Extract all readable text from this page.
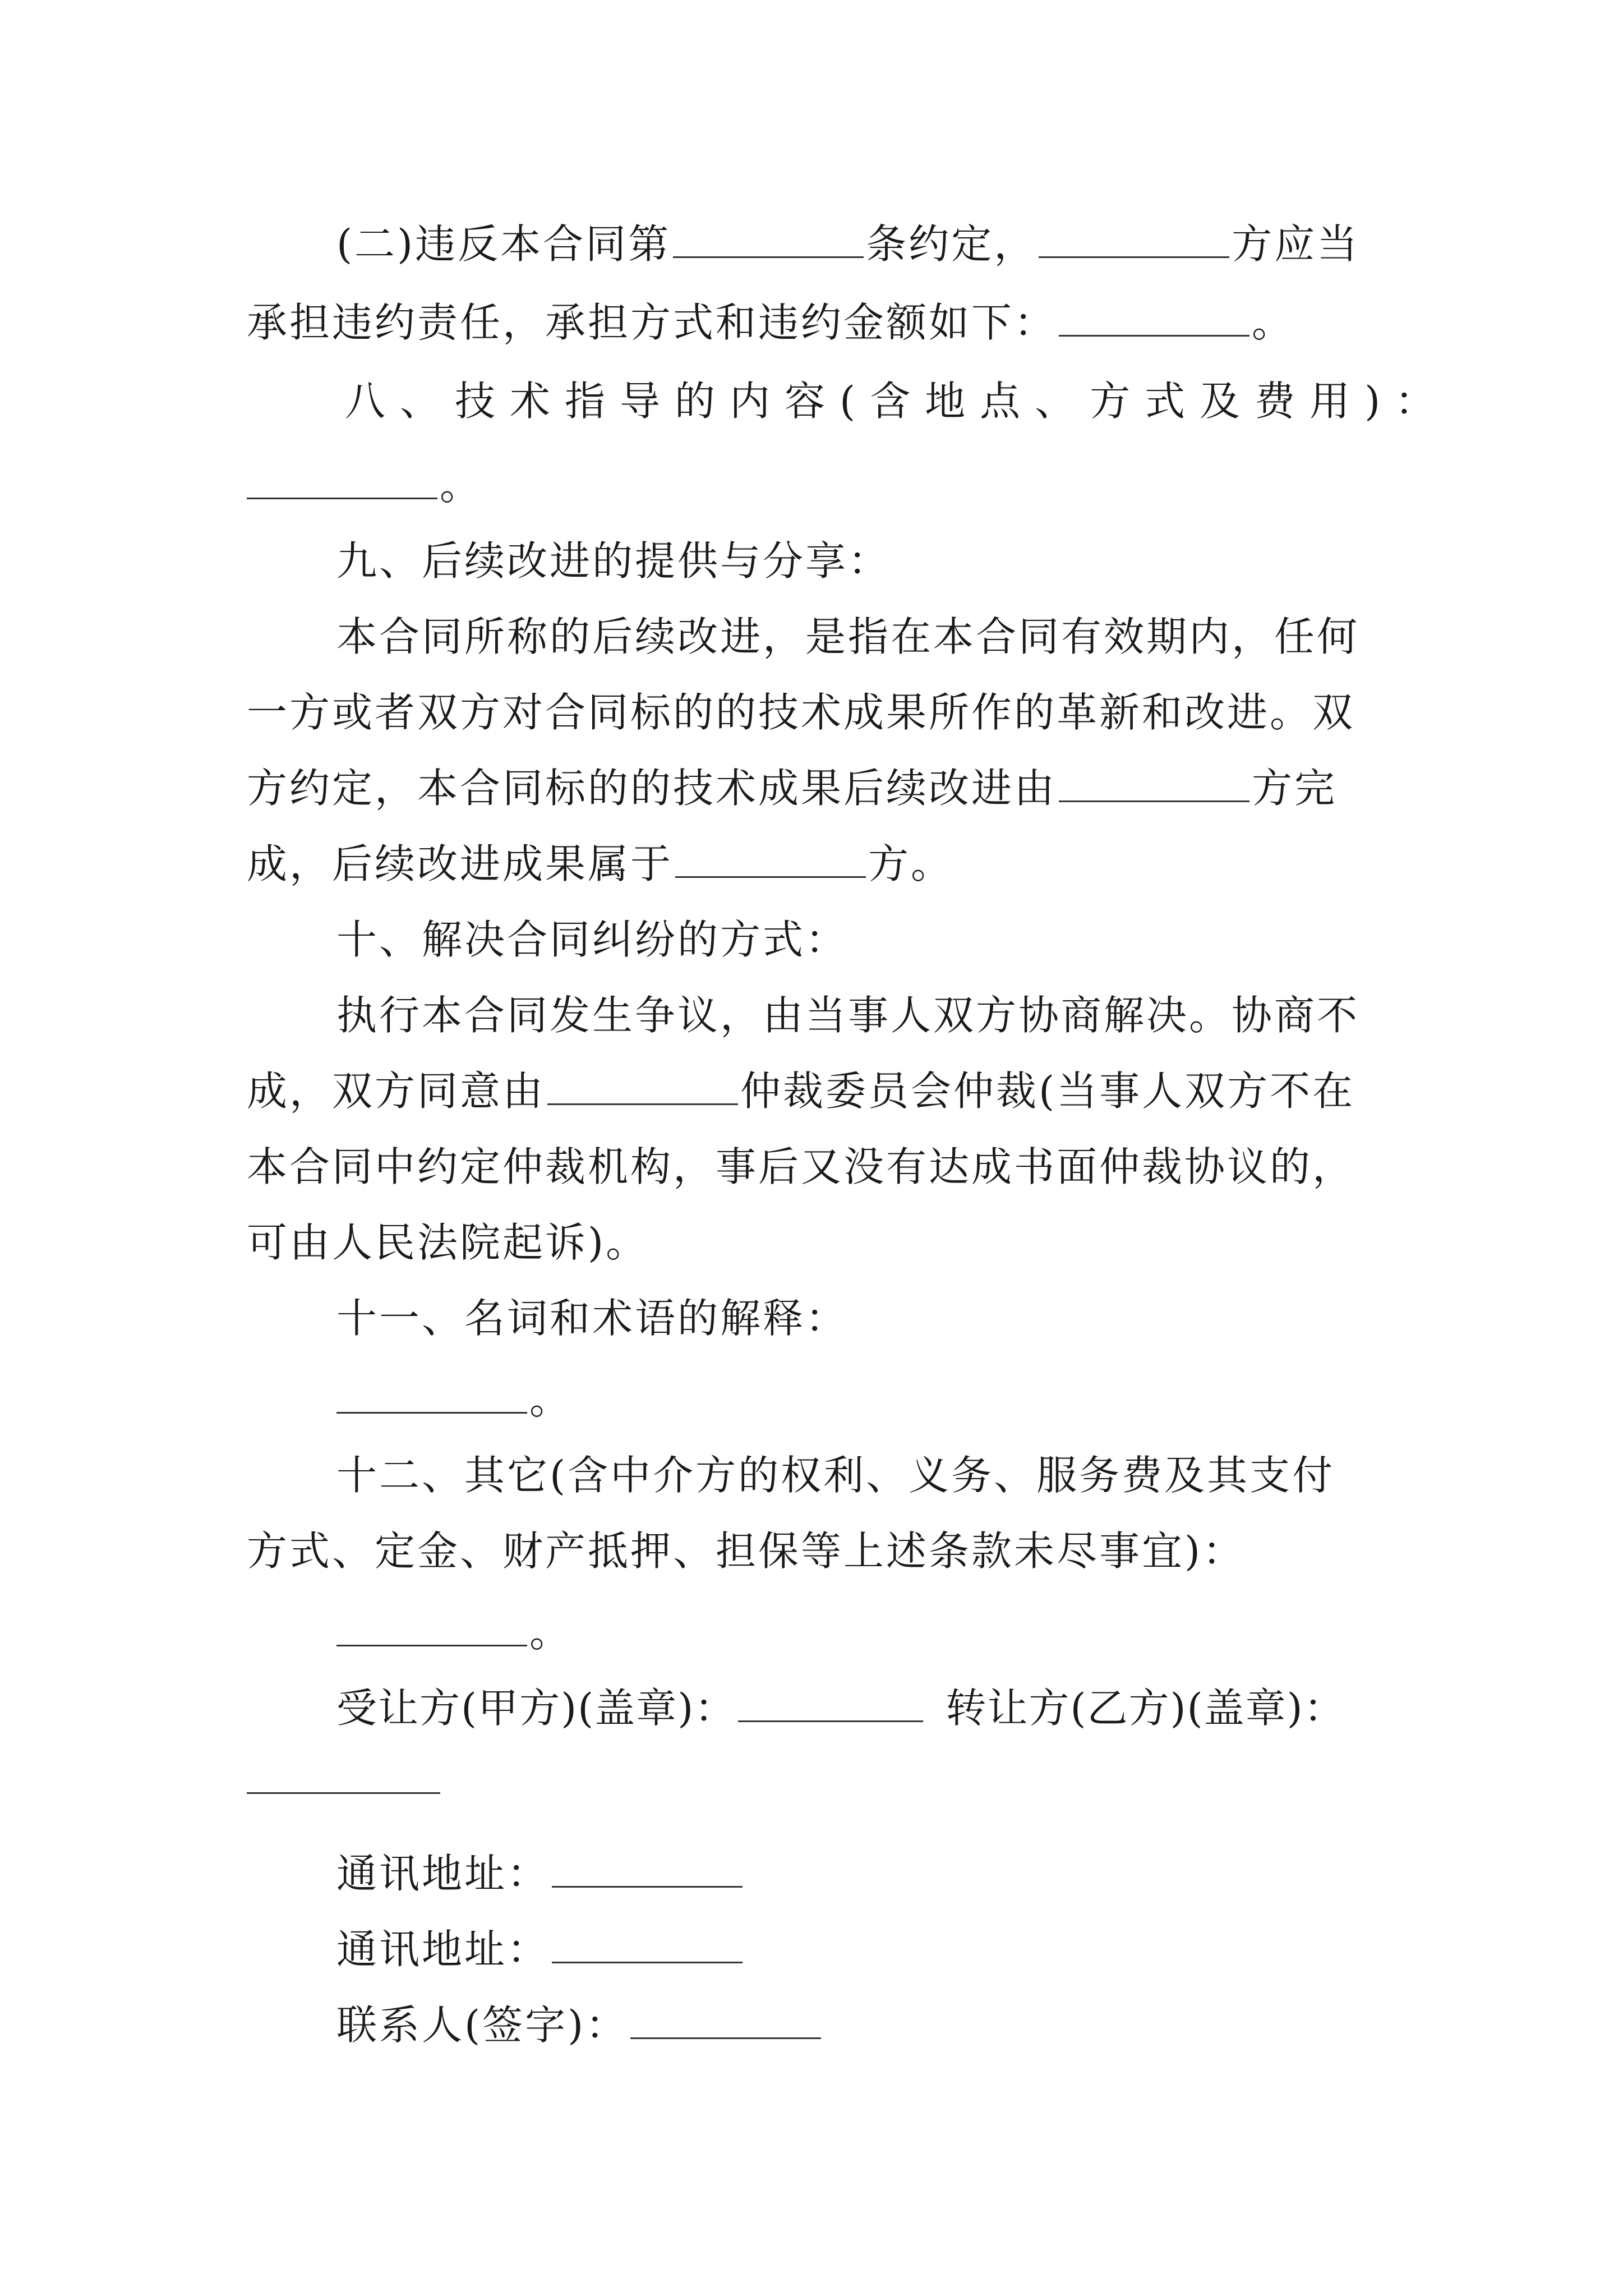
(二)违反本合同第	条约定，	方应当
承担违约责任，承担方式和违约金额如下：	。
八、技术指导的内容(含地点、方式及费用)：
。
九、后续改进的提供与分享：
本合同所称的后续改进，是指在本合同有效期内，任何
一方或者双方对合同标的的技术成果所作的革新和改进。双
方约定，本合同标的的技术成果后续改进由	方完
成，后续改进成果属于	方。
十、解决合同纠纷的方式：
执行本合同发生争议，由当事人双方协商解决。协商不
成，双方同意由	仲裁委员会仲裁(当事人双方不在
本合同中约定仲裁机构，事后又没有达成书面仲裁协议的，
可由人民法院起诉)。
十一、名词和术语的解释：
。
十二、其它(含中介方的权利、义务、服务费及其支付
方式、定金、财产抵押、担保等上述条款未尽事宜)：
。
受让方(甲方)(盖章)：	转让方(乙方)(盖章)：
通讯地址：
通讯地址：
联系人(签字)：
